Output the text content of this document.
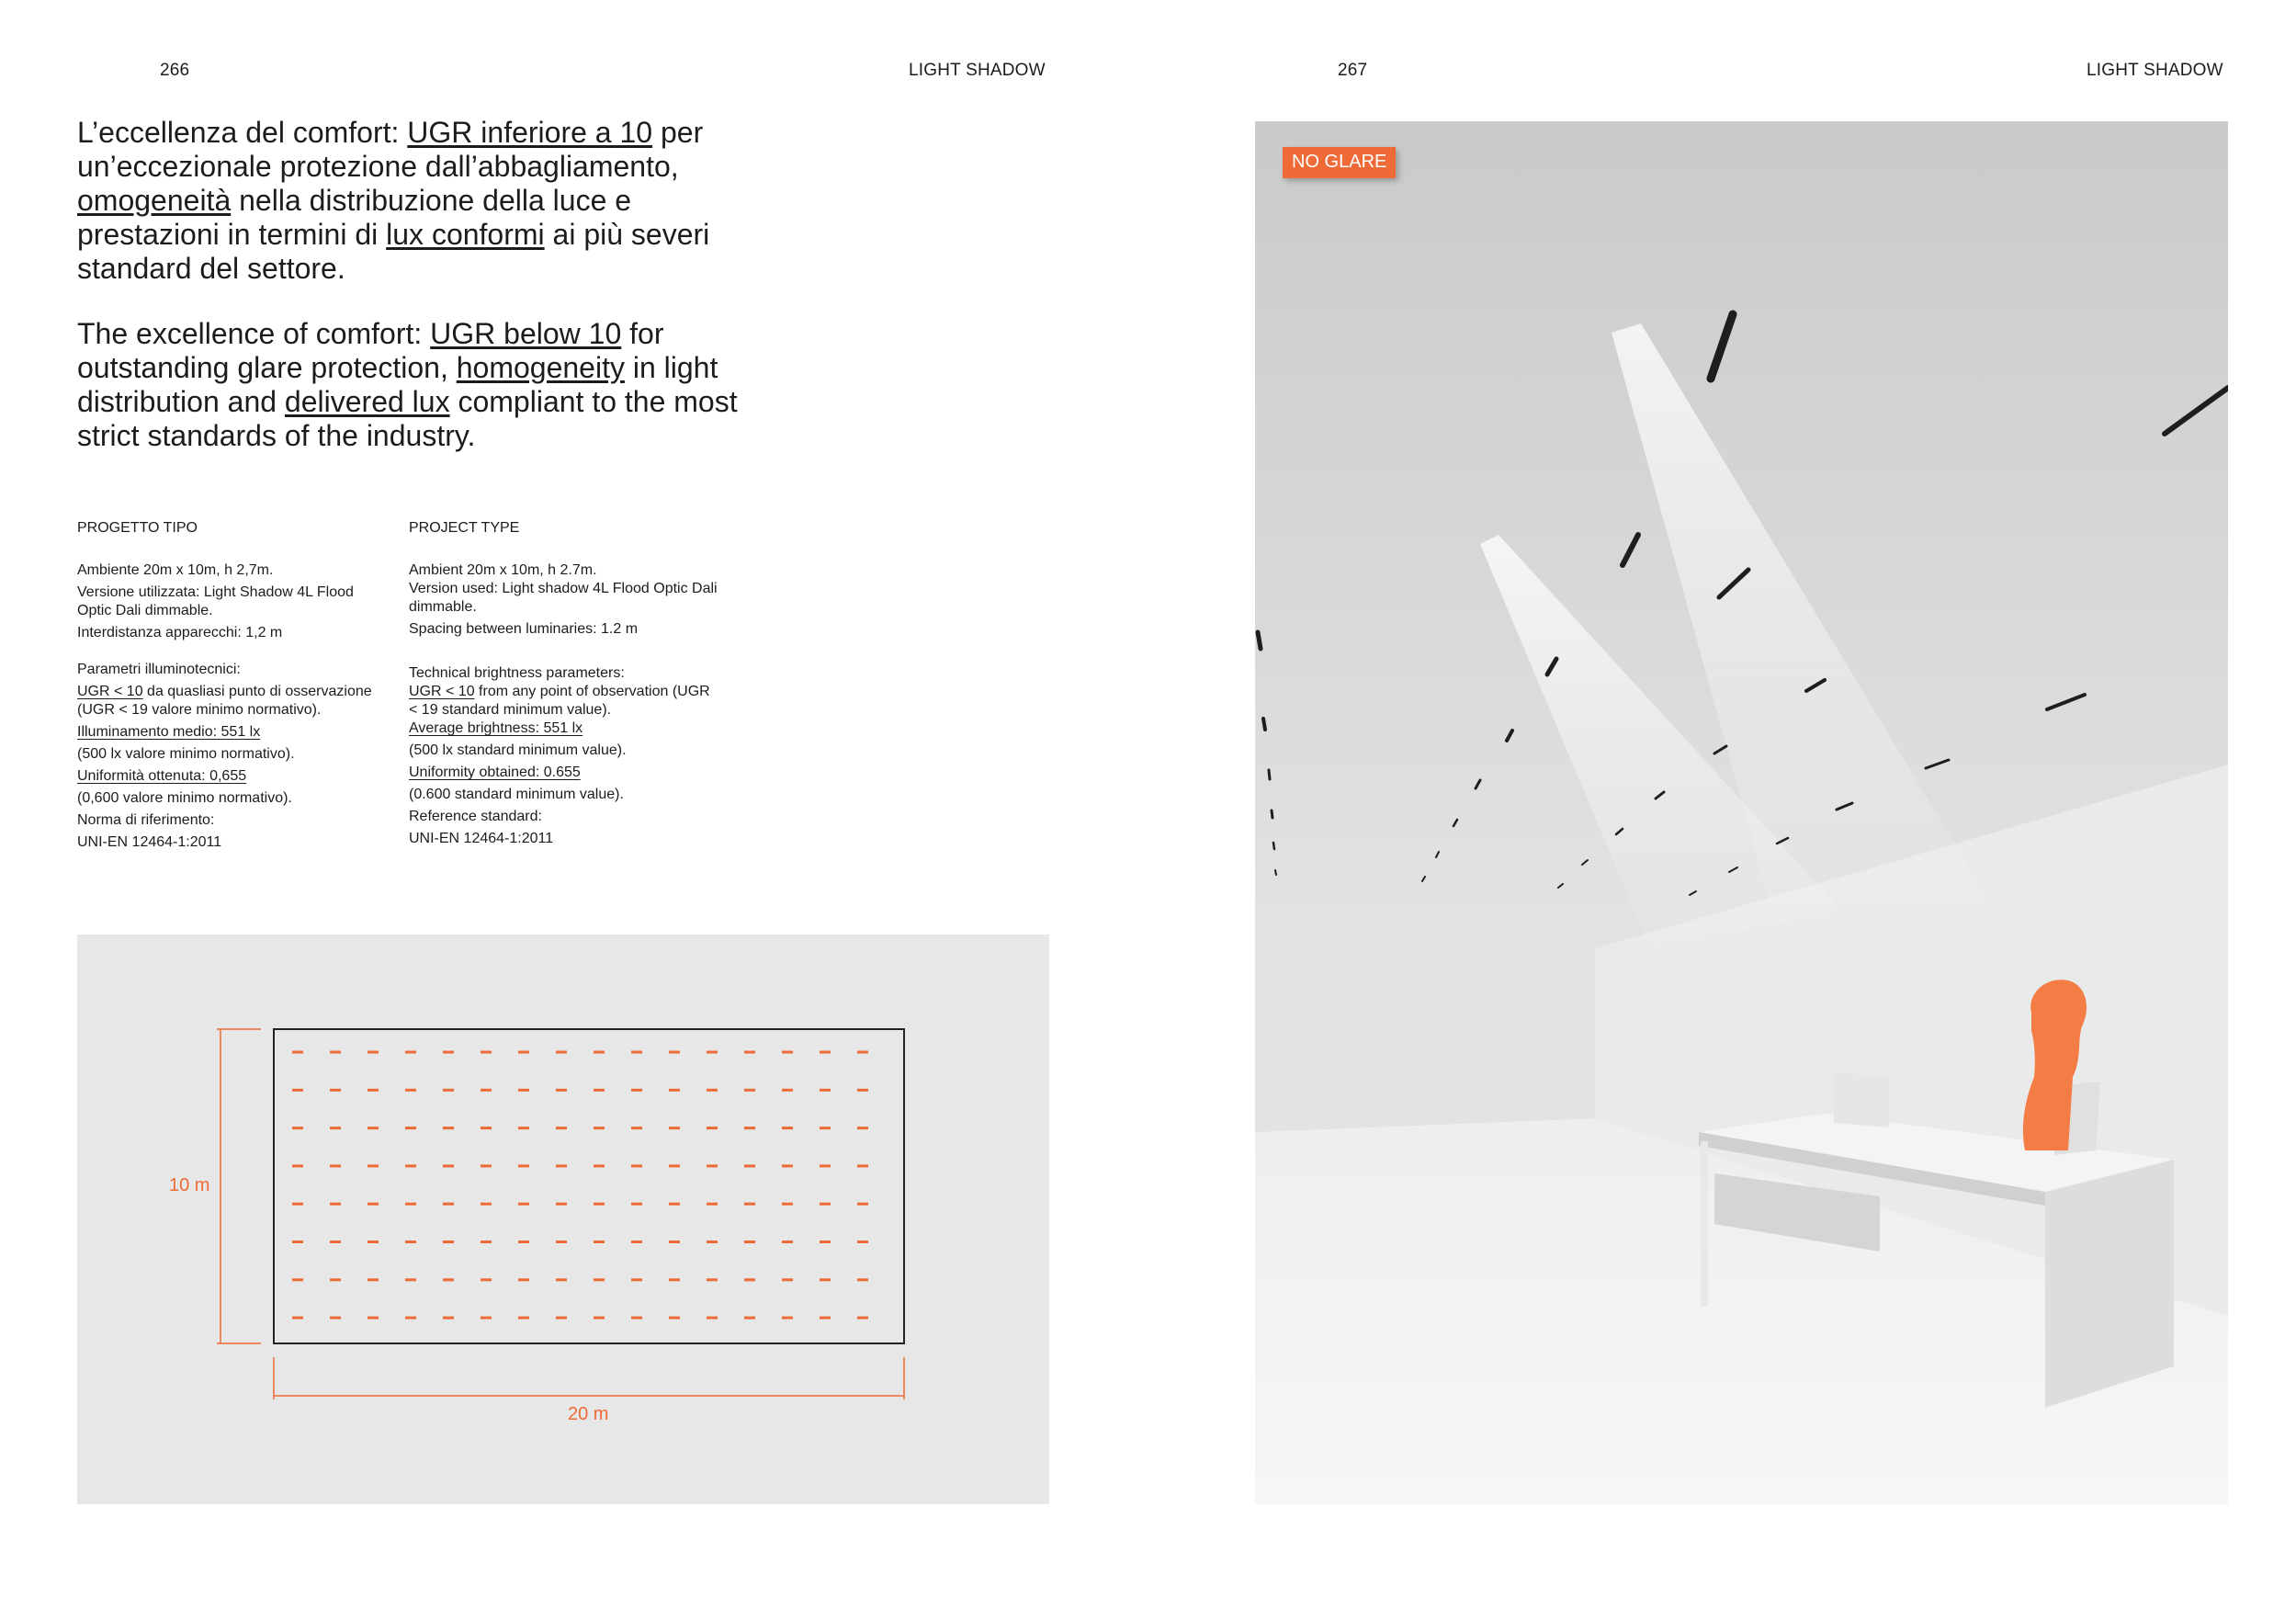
266	LIGHT SHADOW	267	LIGHT SHADOW

L’eccellenza del comfort: UGR inferiore a 10 per un’eccezionale protezione dall’abbagliamento, omogeneità nella distribuzione della luce e prestazioni in termini di lux conformi ai più severi standard del settore.

The excellence of comfort: UGR below 10 for outstanding glare protection, homogeneity in light distribution and delivered lux compliant to the most strict standards of the industry.

PROGETTO TIPO
Ambiente 20m x 10m, h 2,7m.
Versione utilizzata: Light Shadow 4L Flood Optic Dali dimmable.
Interdistanza apparecchi: 1,2 m
Parametri illuminotecnici:
UGR < 10 da quasliasi punto di osservazione (UGR < 19 valore minimo normativo).
Illuminamento medio: 551 lx
(500 lx valore minimo normativo).
Uniformità ottenuta: 0,655
(0,600 valore minimo normativo).
Norma di riferimento:
UNI-EN 12464-1:2011
PROJECT TYPE
Ambient 20m x 10m, h 2.7m.
Version used: Light shadow 4L Flood Optic Dali dimmable.
Spacing between luminaries: 1.2 m
Technical brightness parameters:
UGR < 10 from any point of observation (UGR < 19 standard minimum value).
Average brightness: 551 lx
(500 lx standard minimum value).
Uniformity obtained: 0.655
(0.600 standard minimum value).
Reference standard:
UNI-EN 12464-1:2011
10 m
20 m
NO GLARE
